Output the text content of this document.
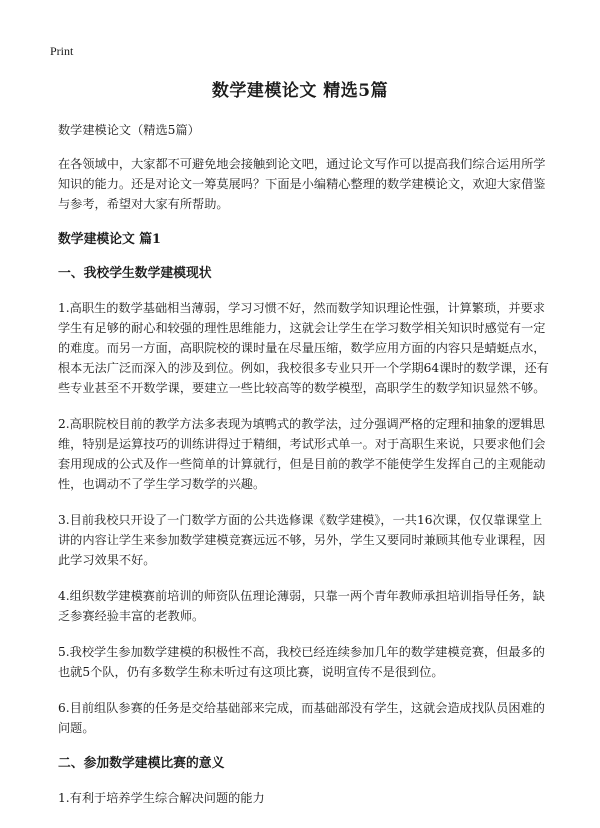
Print
数学建模论文 精选5篇

数学建模论文（精选5篇）

在各领域中，大家都不可避免地会接触到论文吧，通过论文写作可以提高我们综合运用所学知识的能力。还是对论文一筹莫展吗？下面是小编精心整理的数学建模论文，欢迎大家借鉴与参考，希望对大家有所帮助。

数学建模论文 篇1

一、我校学生数学建模现状

1.高职生的数学基础相当薄弱，学习习惯不好，然而数学知识理论性强，计算繁琐，并要求学生有足够的耐心和较强的理性思维能力，这就会让学生在学习数学相关知识时感觉有一定的难度。而另一方面，高职院校的课时量在尽量压缩，数学应用方面的内容只是蜻蜓点水，根本无法广泛而深入的涉及到位。例如，我校很多专业只开一个学期64课时的数学课，还有些专业甚至不开数学课，要建立一些比较高等的数学模型，高职学生的数学知识显然不够。

2.高职院校目前的教学方法多表现为填鸭式的教学法，过分强调严格的定理和抽象的逻辑思维，特别是运算技巧的训练讲得过于精细，考试形式单一。对于高职生来说，只要求他们会套用现成的公式及作一些简单的计算就行，但是目前的教学不能使学生发挥自己的主观能动性，也调动不了学生学习数学的兴趣。

3.目前我校只开设了一门数学方面的公共选修课《数学建模》，一共16次课，仅仅靠课堂上讲的内容让学生来参加数学建模竞赛远远不够，另外，学生又要同时兼顾其他专业课程，因此学习效果不好。

4.组织数学建模赛前培训的师资队伍理论薄弱，只靠一两个青年教师承担培训指导任务，缺乏参赛经验丰富的老教师。

5.我校学生参加数学建模的积极性不高，我校已经连续参加几年的数学建模竞赛，但最多的也就5个队，仍有多数学生称未听过有这项比赛，说明宣传不是很到位。

6.目前组队参赛的任务是交给基础部来完成，而基础部没有学生，这就会造成找队员困难的问题。

二、参加数学建模比赛的意义

1.有利于培养学生综合解决问题的能力
